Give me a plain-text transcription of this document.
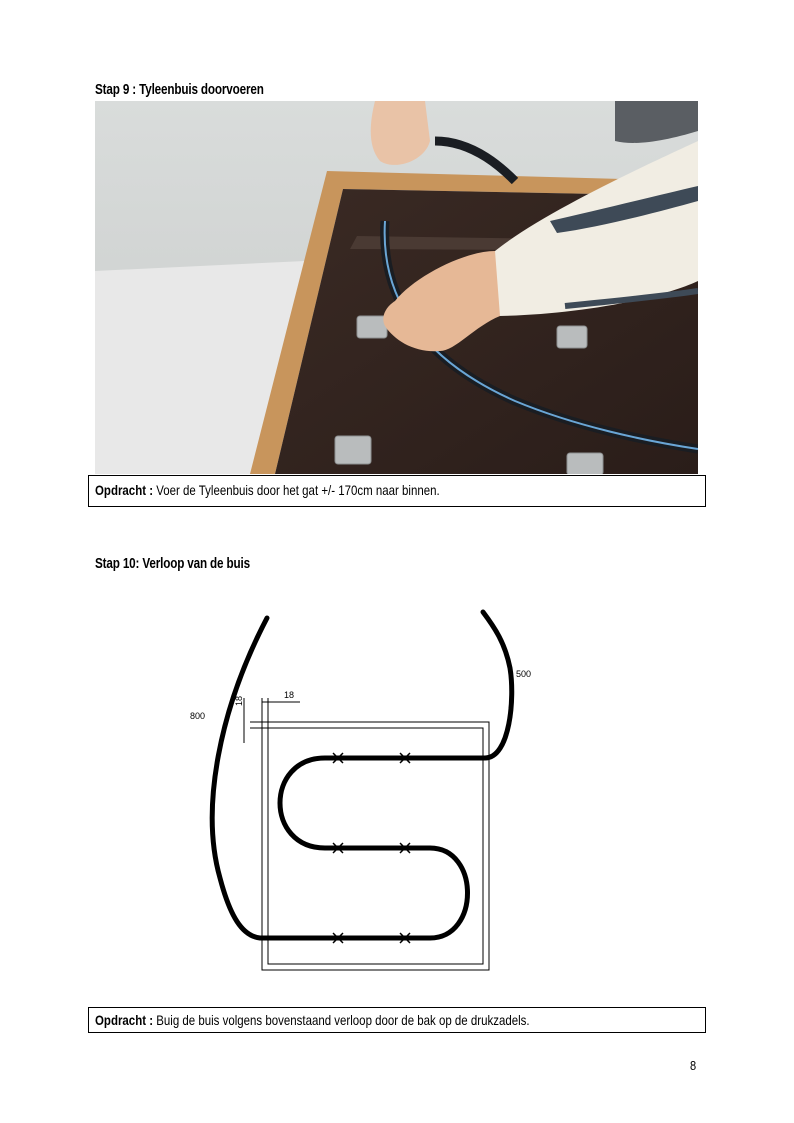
Stap 9 : Tyleenbuis doorvoeren
Opdracht : Voer de Tyleenbuis door het gat +/- 170cm naar binnen.
Stap 10: Verloop van de buis
800
500
18
18
Opdracht : Buig de buis volgens bovenstaand verloop door de bak op de drukzadels.
8
